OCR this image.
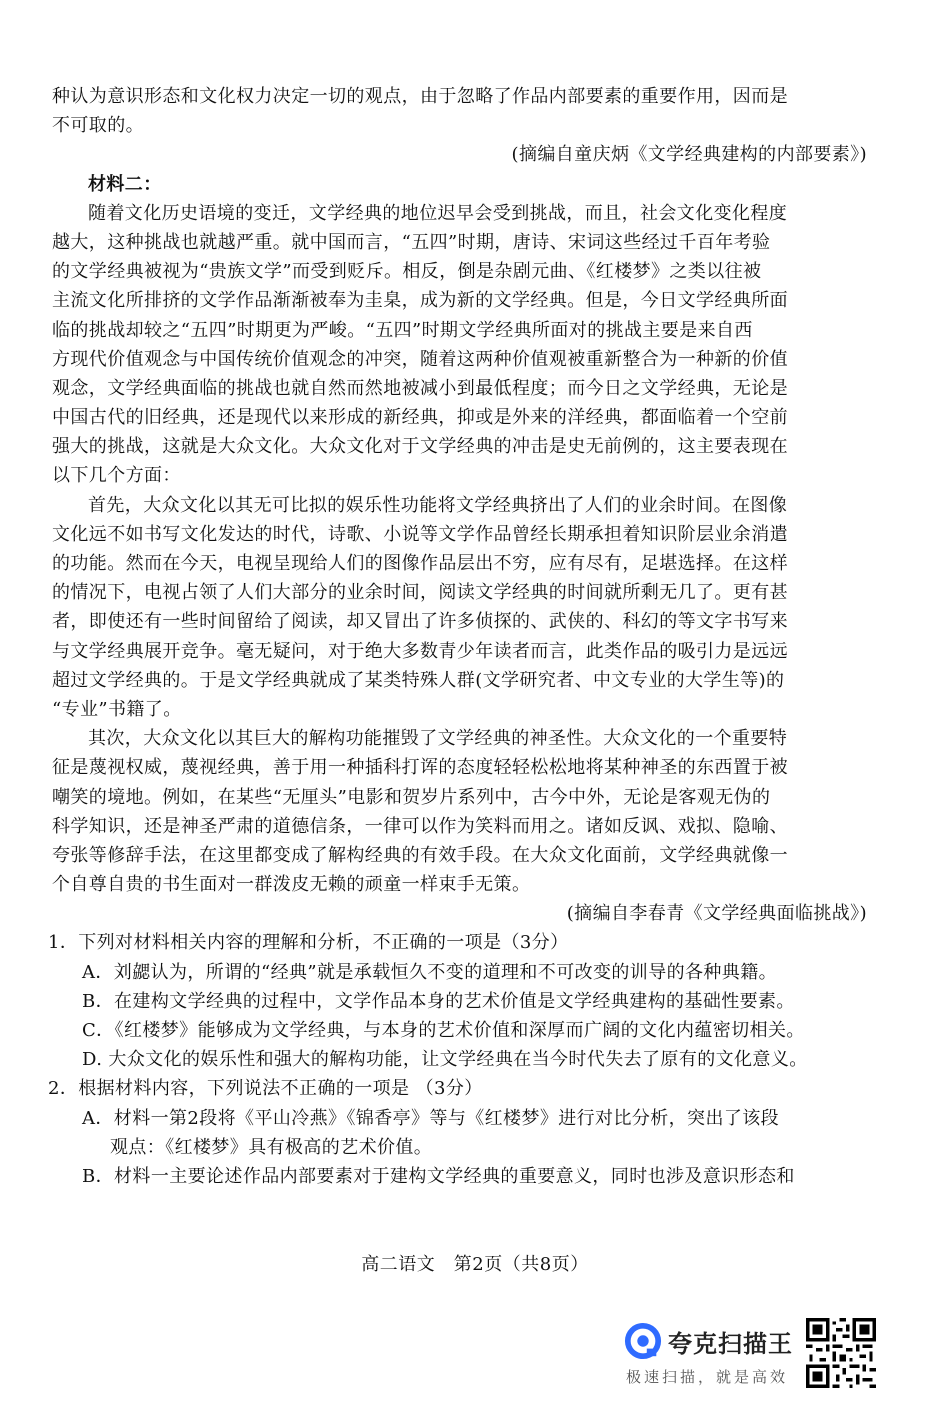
种认为意识形态和文化权力决定一切的观点，由于忽略了作品内部要素的重要作用，因而是
不可取的。
(摘编自童庆炳《文学经典建构的内部要素》)
材料二：
随着文化历史语境的变迁，文学经典的地位迟早会受到挑战，而且，社会文化变化程度
越大，这种挑战也就越严重。就中国而言，“五四”时期，唐诗、宋词这些经过千百年考验
的文学经典被视为“贵族文学”而受到贬斥。相反，倒是杂剧元曲、《红楼梦》之类以往被
主流文化所排挤的文学作品渐渐被奉为圭臬，成为新的文学经典。但是，今日文学经典所面
临的挑战却较之“五四”时期更为严峻。“五四”时期文学经典所面对的挑战主要是来自西
方现代价值观念与中国传统价值观念的冲突，随着这两种价值观被重新整合为一种新的价值
观念，文学经典面临的挑战也就自然而然地被减小到最低程度；而今日之文学经典，无论是
中国古代的旧经典，还是现代以来形成的新经典，抑或是外来的洋经典，都面临着一个空前
强大的挑战，这就是大众文化。大众文化对于文学经典的冲击是史无前例的，这主要表现在
以下几个方面：
首先，大众文化以其无可比拟的娱乐性功能将文学经典挤出了人们的业余时间。在图像
文化远不如书写文化发达的时代，诗歌、小说等文学作品曾经长期承担着知识阶层业余消遣
的功能。然而在今天，电视呈现给人们的图像作品层出不穷，应有尽有，足堪选择。在这样
的情况下，电视占领了人们大部分的业余时间，阅读文学经典的时间就所剩无几了。更有甚
者，即使还有一些时间留给了阅读，却又冒出了许多侦探的、武侠的、科幻的等文字书写来
与文学经典展开竞争。毫无疑问，对于绝大多数青少年读者而言，此类作品的吸引力是远远
超过文学经典的。于是文学经典就成了某类特殊人群(文学研究者、中文专业的大学生等)的
“专业”书籍了。
其次，大众文化以其巨大的解构功能摧毁了文学经典的神圣性。大众文化的一个重要特
征是蔑视权威，蔑视经典，善于用一种插科打诨的态度轻轻松松地将某种神圣的东西置于被
嘲笑的境地。例如，在某些“无厘头”电影和贺岁片系列中，古今中外，无论是客观无伪的
科学知识，还是神圣严肃的道德信条，一律可以作为笑料而用之。诸如反讽、戏拟、隐喻、
夸张等修辞手法，在这里都变成了解构经典的有效手段。在大众文化面前，文学经典就像一
个自尊自贵的书生面对一群泼皮无赖的顽童一样束手无策。
(摘编自李春青《文学经典面临挑战》)
1．下列对材料相关内容的理解和分析，不正确的一项是（3分）
A．刘勰认为，所谓的“经典”就是承载恒久不变的道理和不可改变的训导的各种典籍。
B．在建构文学经典的过程中，文学作品本身的艺术价值是文学经典建构的基础性要素。
C．《红楼梦》能够成为文学经典，与本身的艺术价值和深厚而广阔的文化内蕴密切相关。
D. 大众文化的娱乐性和强大的解构功能，让文学经典在当今时代失去了原有的文化意义。
2．根据材料内容，下列说法不正确的一项是 （3分）
A．材料一第2段将《平山冷燕》《锦香亭》等与《红楼梦》进行对比分析，突出了该段
观点：《红楼梦》具有极高的艺术价值。
B．材料一主要论述作品内部要素对于建构文学经典的重要意义，同时也涉及意识形态和
高二语文　第2页（共8页）
夸克扫描王
极速扫描，就是高效
